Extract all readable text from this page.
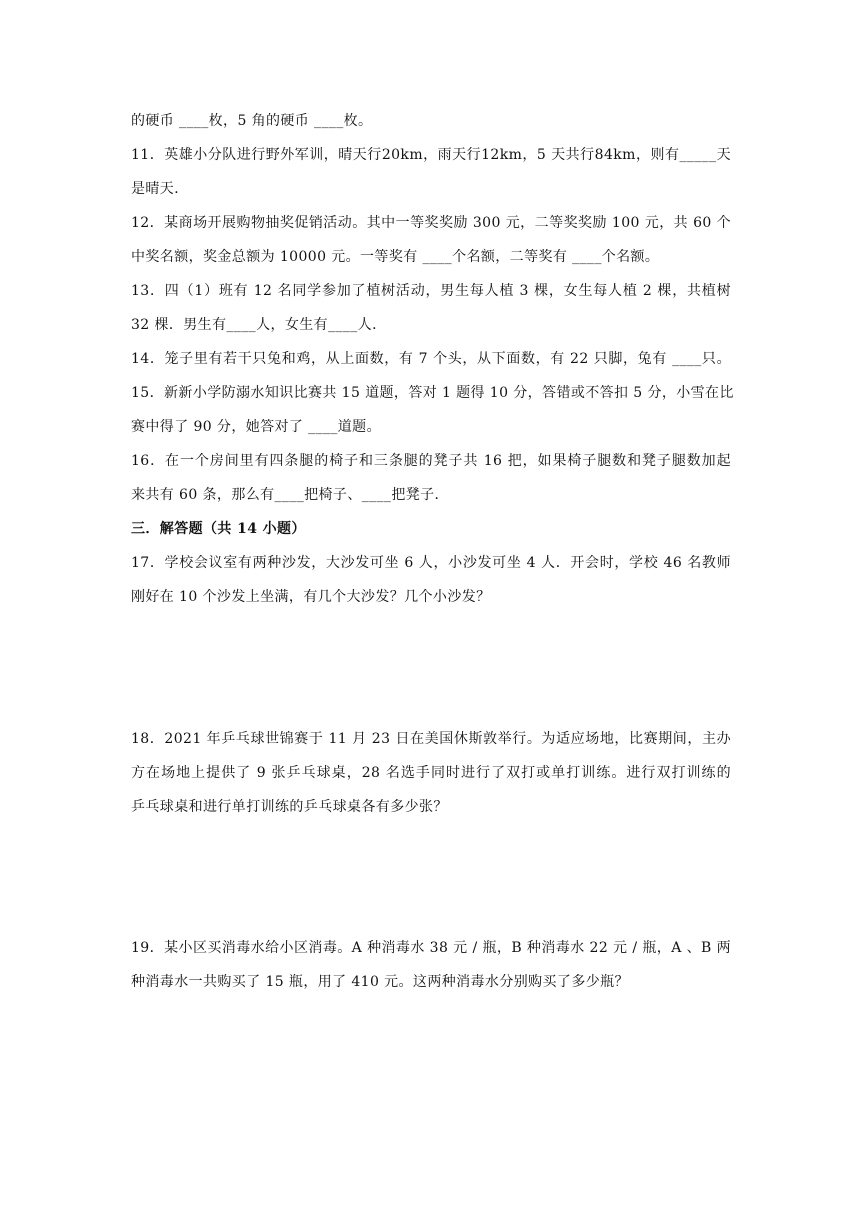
的硬币 ____枚，5 角的硬币 ____枚。
11．英雄小分队进行野外军训，晴天行20km，雨天行12km，5 天共行84km，则有_____天
是晴天．
12．某商场开展购物抽奖促销活动。其中一等奖奖励 300 元，二等奖奖励 100 元，共 60 个
中奖名额，奖金总额为 10000 元。一等奖有 ____个名额，二等奖有 ____个名额。
13．四（1）班有 12 名同学参加了植树活动，男生每人植 3 棵，女生每人植 2 棵，共植树
32 棵．男生有____人，女生有____人．
14．笼子里有若干只兔和鸡，从上面数，有 7 个头，从下面数，有 22 只脚，兔有 ____只。
15．新新小学防溺水知识比赛共 15 道题，答对 1 题得 10 分，答错或不答扣 5 分，小雪在比
赛中得了 90 分，她答对了 ____道题。
16．在一个房间里有四条腿的椅子和三条腿的凳子共 16 把，如果椅子腿数和凳子腿数加起
来共有 60 条，那么有____把椅子、____把凳子．
三．解答题（共 14 小题）
17．学校会议室有两种沙发，大沙发可坐 6 人，小沙发可坐 4 人．开会时，学校 46 名教师
刚好在 10 个沙发上坐满，有几个大沙发？几个小沙发？
18．2021 年乒乓球世锦赛于 11 月 23 日在美国休斯敦举行。为适应场地，比赛期间，主办
方在场地上提供了 9 张乒乓球桌，28 名选手同时进行了双打或单打训练。进行双打训练的
乒乓球桌和进行单打训练的乒乓球桌各有多少张？
19．某小区买消毒水给小区消毒。A 种消毒水 38 元 / 瓶，B 种消毒水 22 元 / 瓶，A 、B 两
种消毒水一共购买了 15 瓶，用了 410 元。这两种消毒水分别购买了多少瓶？
